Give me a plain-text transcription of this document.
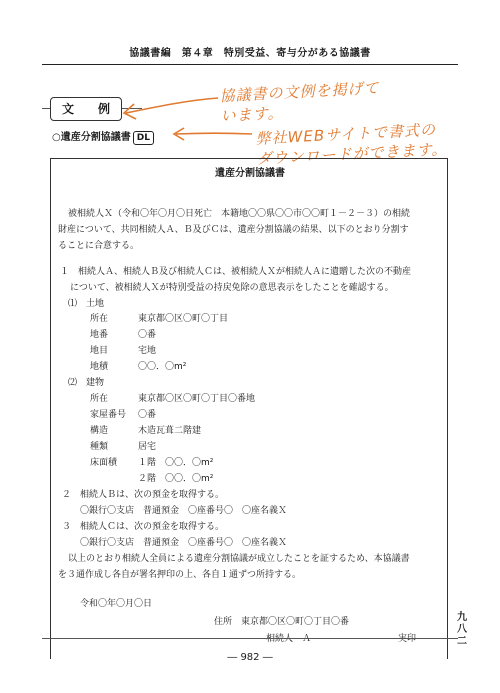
協議書編　第４章　特別受益、寄与分がある協議書
文　例
○遺産分割協議書 DL
協議書の文例を掲げて
います。
弊社WEBサイトで書式の
ダウンロードができます。
遺産分割協議書
被相続人Ｘ（令和〇年〇月〇日死亡　本籍地〇〇県〇〇市〇〇町１－２－３）の相続
財産について、共同相続人Ａ、Ｂ及びＣは、遺産分割協議の結果、以下のとおり分割す
ることに合意する。
１　相続人Ａ、相続人Ｂ及び相続人Ｃは、被相続人Ｘが相続人Ａに遺贈した次の不動産
について、被相続人Ｘが特別受益の持戻免除の意思表示をしたことを確認する。
⑴　土地
所在	東京都〇区〇町〇丁目
地番	〇番
地目	宅地
地積	〇〇．〇m²
⑵　建物
所在	東京都〇区〇町〇丁目〇番地
家屋番号 〇番
構造	木造瓦葺二階建
種類	居宅
床面積 １階　〇〇．〇m²
２階　〇〇．〇m²
２　相続人Ｂは、次の預金を取得する。
〇銀行〇支店　普通預金　〇座番号〇　〇座名義Ｘ
３　相続人Ｃは、次の預金を取得する。
〇銀行〇支店　普通預金　〇座番号〇　〇座名義Ｘ
以上のとおり相続人全員による遺産分割協議が成立したことを証するため、本協議書
を３通作成し各自が署名押印の上、各自１通ずつ所持する。
令和〇年〇月〇日
住所　東京都〇区〇町〇丁目〇番
相続人　Ａ	実印
― 982 ―
九
八
二
